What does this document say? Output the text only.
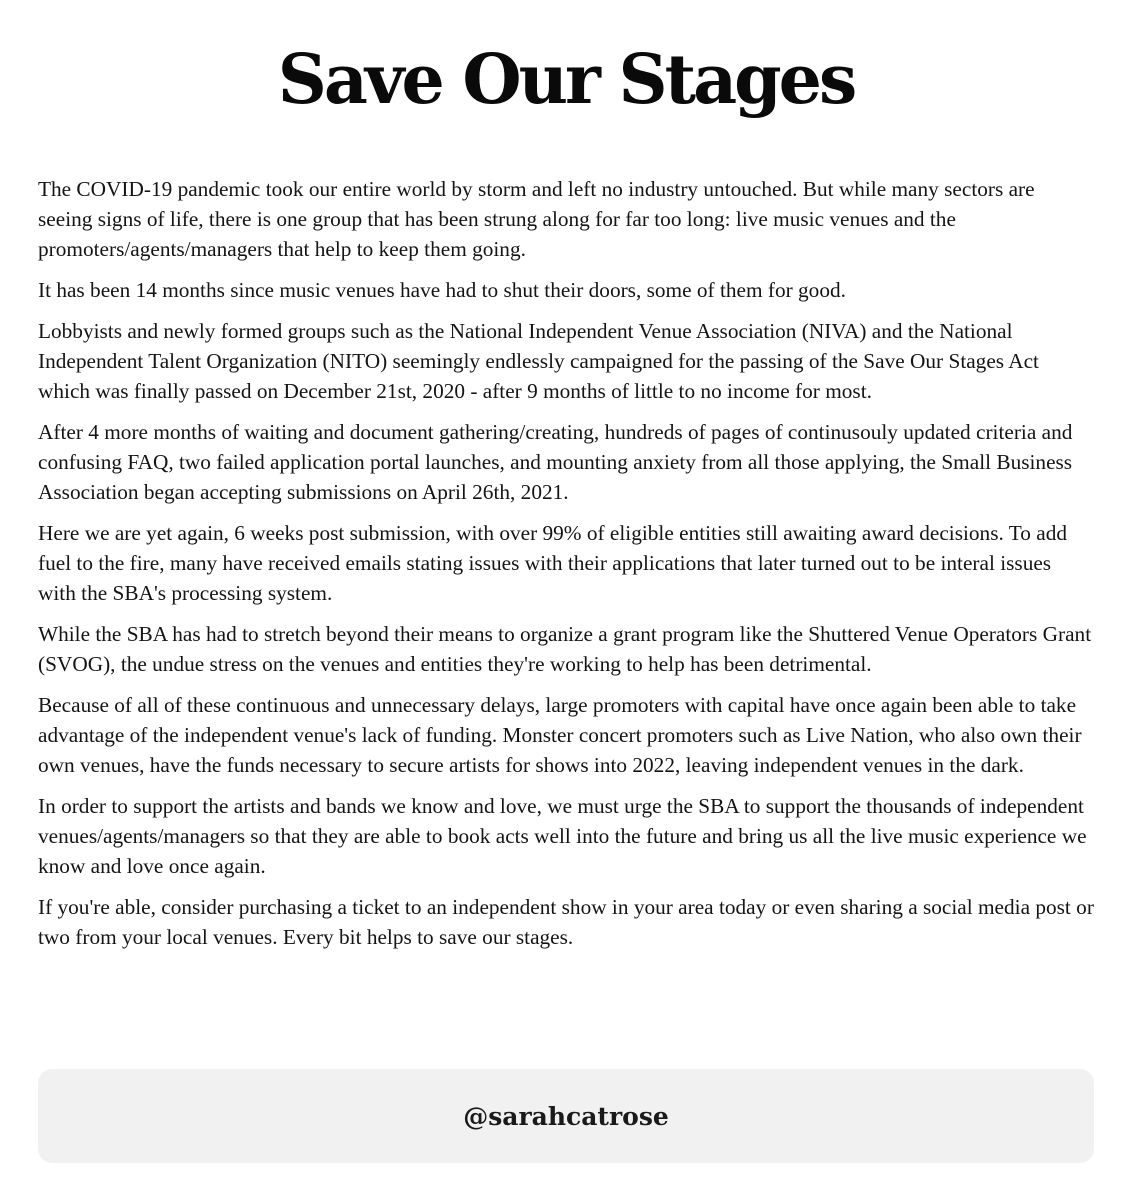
Save Our Stages

The COVID-19 pandemic took our entire world by storm and left no industry untouched. But while many sectors are seeing signs of life, there is one group that has been strung along for far too long: live music venues and the promoters/agents/managers that help to keep them going.

It has been 14 months since music venues have had to shut their doors, some of them for good.

Lobbyists and newly formed groups such as the National Independent Venue Association (NIVA) and the National Independent Talent Organization (NITO) seemingly endlessly campaigned for the passing of the Save Our Stages Act which was finally passed on December 21st, 2020 - after 9 months of little to no income for most.

After 4 more months of waiting and document gathering/creating, hundreds of pages of continusouly updated criteria and confusing FAQ, two failed application portal launches, and mounting anxiety from all those applying, the Small Business Association began accepting submissions on April 26th, 2021.

Here we are yet again, 6 weeks post submission, with over 99% of eligible entities still awaiting award decisions. To add fuel to the fire, many have received emails stating issues with their applications that later turned out to be interal issues with the SBA's processing system.

While the SBA has had to stretch beyond their means to organize a grant program like the Shuttered Venue Operators Grant (SVOG), the undue stress on the venues and entities they're working to help has been detrimental.

Because of all of these continuous and unnecessary delays, large promoters with capital have once again been able to take advantage of the independent venue's lack of funding. Monster concert promoters such as Live Nation, who also own their own venues, have the funds necessary to secure artists for shows into 2022, leaving independent venues in the dark.

In order to support the artists and bands we know and love, we must urge the SBA to support the thousands of independent venues/agents/managers so that they are able to book acts well into the future and bring us all the live music experience we know and love once again.

If you're able, consider purchasing a ticket to an independent show in your area today or even sharing a social media post or two from your local venues. Every bit helps to save our stages.

@sarahcatrose
